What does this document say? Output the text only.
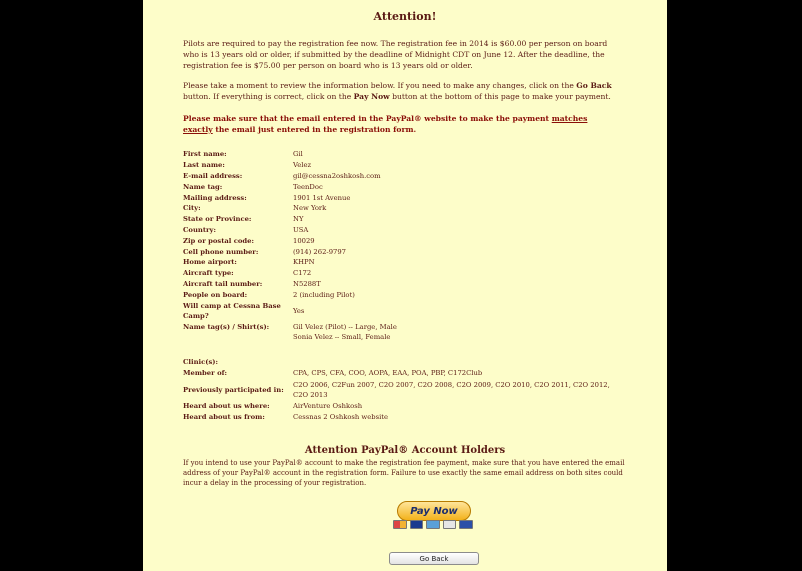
Attention!
Pilots are required to pay the registration fee now. The registration fee in 2014 is $60.00 per person on board who is 13 years old or older, if submitted by the deadline of Midnight CDT on June 12. After the deadline, the registration fee is $75.00 per person on board who is 13 years old or older.
Please take a moment to review the information below. If you need to make any changes, click on the Go Back button. If everything is correct, click on the Pay Now button at the bottom of this page to make your payment.
Please make sure that the email entered in the PayPal® website to make the payment matches exactly the email just entered in the registration form.
First name:	Gil
Last name:	Velez
E-mail address:	gil@cessna2oshkosh.com
Name tag:	TeenDoc
Mailing address:	1901 1st Avenue
City:	New York
State or Province:	NY
Country:	USA
Zip or postal code:	10029
Cell phone number:	(914) 262-9797
Home airport:	KHPN
Aircraft type:	C172
Aircraft tail number:	N5288T
People on board:	2 (including Pilot)
Will camp at Cessna Base Camp?
Yes
Name tag(s) / Shirt(s):	Gil Velez (Pilot) -- Large, Male
Sonia Velez -- Small, Female
Clinic(s):
Member of:	CPA, CPS, CFA, COO, AOPA, EAA, POA, PBP, C172Club
Previously participated in:
C2O 2006, C2Fun 2007, C2O 2007, C2O 2008, C2O 2009, C2O 2010, C2O 2011, C2O 2012, C2O 2013
Heard about us where:	AirVenture Oshkosh
Heard about us from:	Cessnas 2 Oshkosh website
Attention PayPal® Account Holders
If you intend to use your PayPal® account to make the registration fee payment, make sure that you have entered the email address of your PayPal® account in the registration form. Failure to use exactly the same email address on both sites could incur a delay in the processing of your registration.
Pay Now
Go Back
